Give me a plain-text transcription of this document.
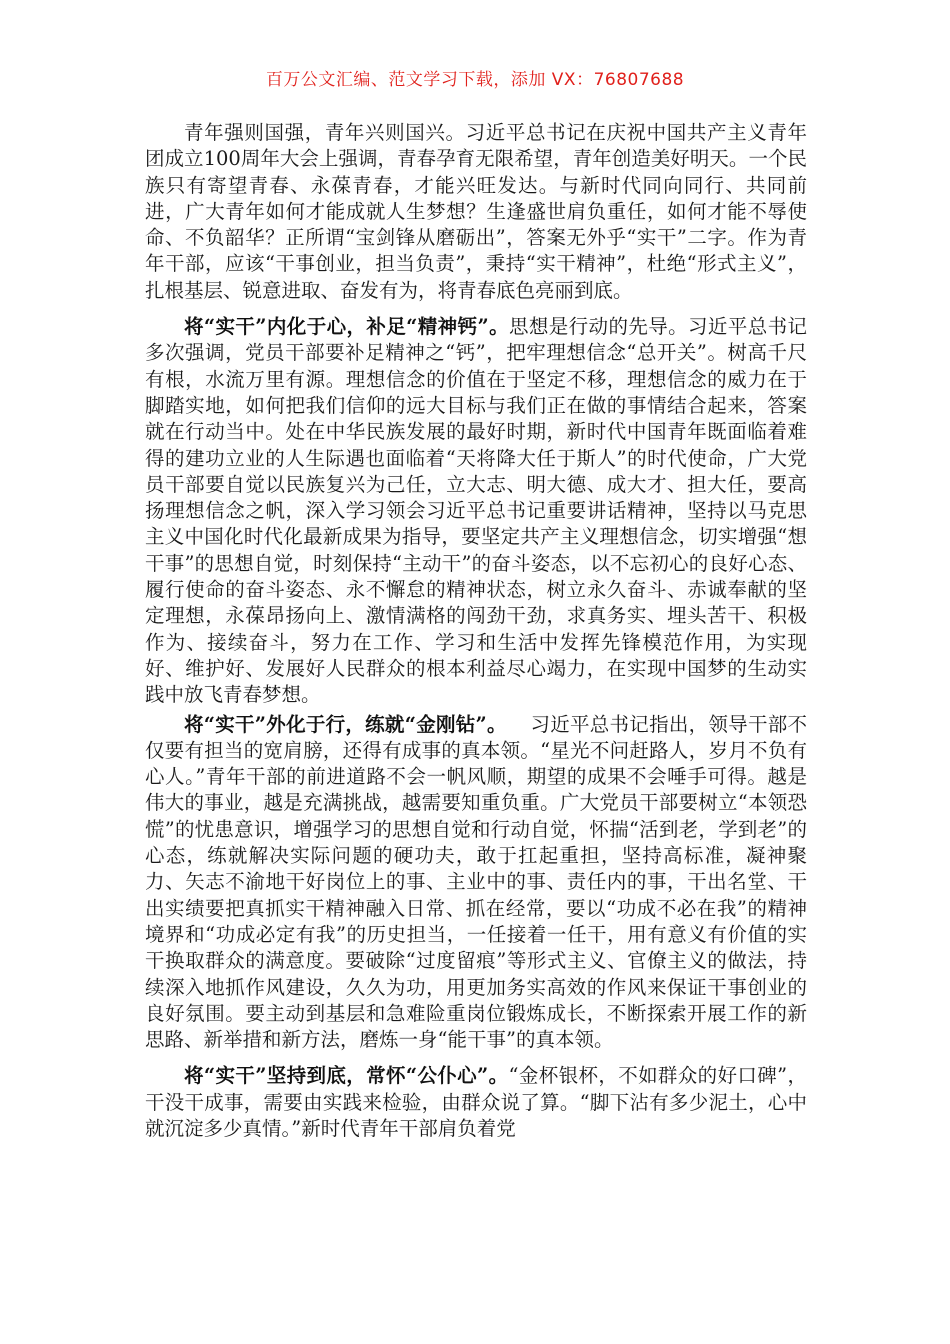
百万公文汇编、范文学习下载，添加 VX：76807688

青年强则国强，青年兴则国兴。习近平总书记在庆祝中国共产主义青年团成立100周年大会上强调，青春孕育无限希望，青年创造美好明天。一个民族只有寄望青春、永葆青春，才能兴旺发达。与新时代同向同行、共同前进，广大青年如何才能成就人生梦想？生逢盛世肩负重任，如何才能不辱使命、不负韶华？正所谓“宝剑锋从磨砺出”，答案无外乎“实干”二字。作为青年干部，应该“干事创业，担当负责”，秉持“实干精神”，杜绝“形式主义”，扎根基层、锐意进取、奋发有为，将青春底色亮丽到底。

将“实干”内化于心，补足“精神钙”。思想是行动的先导。习近平总书记多次强调，党员干部要补足精神之“钙”，把牢理想信念“总开关”。树高千尺有根，水流万里有源。理想信念的价值在于坚定不移，理想信念的威力在于脚踏实地，如何把我们信仰的远大目标与我们正在做的事情结合起来，答案就在行动当中。处在中华民族发展的最好时期，新时代中国青年既面临着难得的建功立业的人生际遇也面临着“天将降大任于斯人”的时代使命，广大党员干部要自觉以民族复兴为己任，立大志、明大德、成大才、担大任，要高扬理想信念之帆，深入学习领会习近平总书记重要讲话精神，坚持以马克思主义中国化时代化最新成果为指导，要坚定共产主义理想信念，切实增强“想干事”的思想自觉，时刻保持“主动干”的奋斗姿态，以不忘初心的良好心态、履行使命的奋斗姿态、永不懈怠的精神状态，树立永久奋斗、赤诚奉献的坚定理想，永葆昂扬向上、激情满格的闯劲干劲，求真务实、埋头苦干、积极作为、接续奋斗，努力在工作、学习和生活中发挥先锋模范作用，为实现好、维护好、发展好人民群众的根本利益尽心竭力，在实现中国梦的生动实践中放飞青春梦想。

将“实干”外化于行，练就“金刚钻”。 习近平总书记指出，领导干部不仅要有担当的宽肩膀，还得有成事的真本领。“星光不问赶路人，岁月不负有心人。”青年干部的前进道路不会一帆风顺，期望的成果不会唾手可得。越是伟大的事业，越是充满挑战，越需要知重负重。广大党员干部要树立“本领恐慌”的忧患意识，增强学习的思想自觉和行动自觉，怀揣“活到老，学到老”的心态，练就解决实际问题的硬功夫，敢于扛起重担，坚持高标准，凝神聚力、矢志不渝地干好岗位上的事、主业中的事、责任内的事，干出名堂、干出实绩要把真抓实干精神融入日常、抓在经常，要以“功成不必在我”的精神境界和“功成必定有我”的历史担当，一任接着一任干，用有意义有价值的实干换取群众的满意度。要破除“过度留痕”等形式主义、官僚主义的做法，持续深入地抓作风建设，久久为功，用更加务实高效的作风来保证干事创业的良好氛围。要主动到基层和急难险重岗位锻炼成长，不断探索开展工作的新思路、新举措和新方法，磨炼一身“能干事”的真本领。

将“实干”坚持到底，常怀“公仆心”。“金杯银杯，不如群众的好口碑”，干没干成事，需要由实践来检验，由群众说了算。“脚下沾有多少泥土，心中就沉淀多少真情。”新时代青年干部肩负着党
